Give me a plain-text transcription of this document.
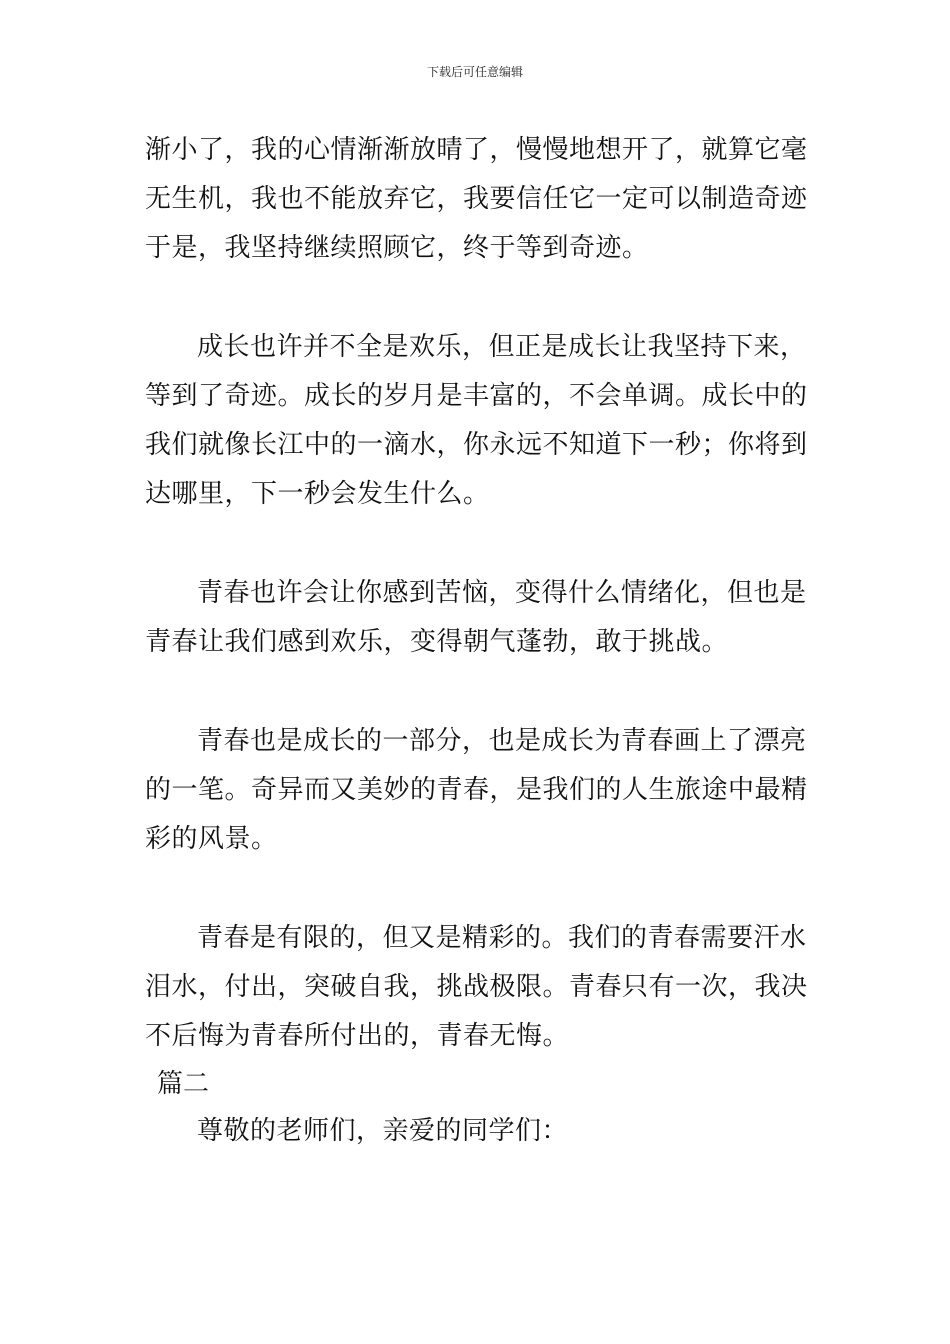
下载后可任意编辑
渐小了，我的心情渐渐放晴了，慢慢地想开了，就算它毫
无生机，我也不能放弃它，我要信任它一定可以制造奇迹
于是，我坚持继续照顾它，终于等到奇迹。
成长也许并不全是欢乐，但正是成长让我坚持下来，
等到了奇迹。成长的岁月是丰富的，不会单调。成长中的
我们就像长江中的一滴水，你永远不知道下一秒；你将到
达哪里，下一秒会发生什么。
青春也许会让你感到苦恼，变得什么情绪化，但也是
青春让我们感到欢乐，变得朝气蓬勃，敢于挑战。
青春也是成长的一部分，也是成长为青春画上了漂亮
的一笔。奇异而又美妙的青春，是我们的人生旅途中最精
彩的风景。
青春是有限的，但又是精彩的。我们的青春需要汗水
泪水，付出，突破自我，挑战极限。青春只有一次，我决
不后悔为青春所付出的，青春无悔。
篇二
尊敬的老师们，亲爱的同学们：
